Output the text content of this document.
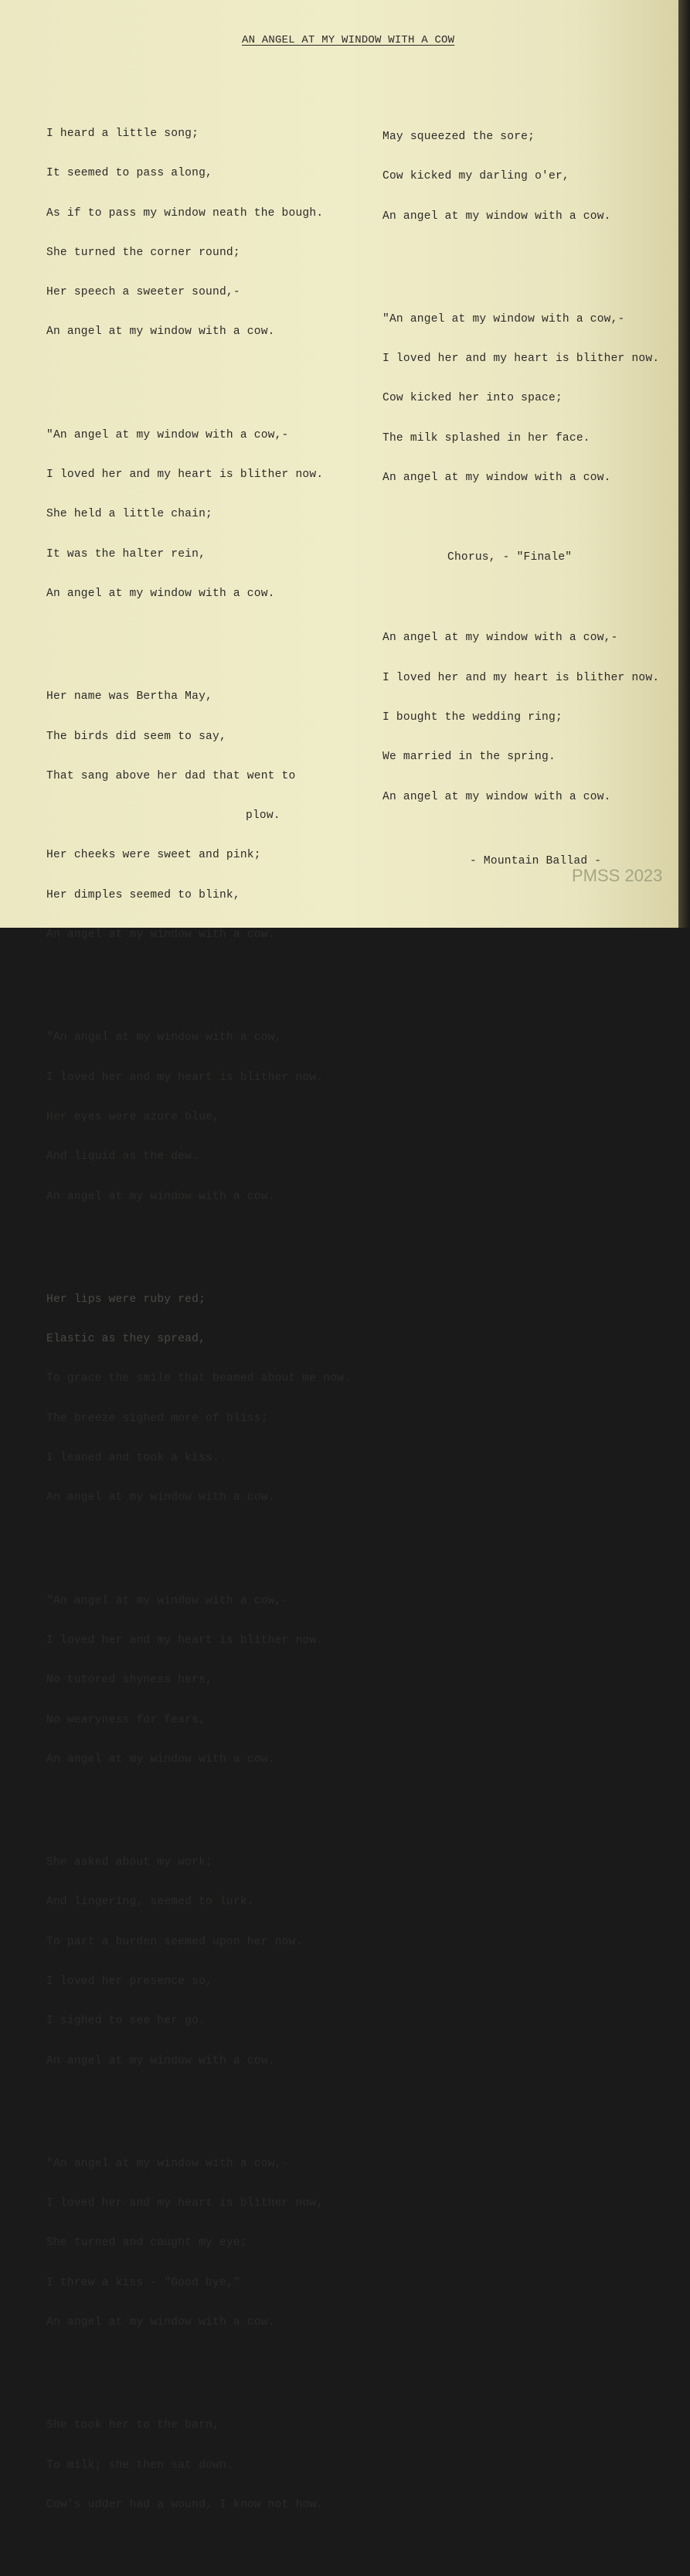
AN ANGEL AT MY WINDOW WITH A COW

I heard a little song;

It seemed to pass along,

As if to pass my window neath the bough.

She turned the corner round;

Her speech a sweeter sound,-

An angel at my window with a cow.

"An angel at my window with a cow,-

I loved her and my heart is blither now.

She held a little chain;

It was the halter rein,

An angel at my window with a cow.

Her name was Bertha May,

The birds did seem to say,

That sang above her dad that went to

plow.

Her cheeks were sweet and pink;

Her dimples seemed to blink,

An angel at my window with a cow.

"An angel at my window with a cow,

I loved her and my heart is blither now.

Her eyes were azure blue,

And liquid as the dew.

An angel at my window with a cow.

Her lips were ruby red;

Elastic as they spread,

To grace the smile that beamed about me now.

The breeze sighed more of bliss;

I leaned and took a kiss.

An angel at my window with a cow.

"An angel at my window with a cow,-

I loved her and my heart is blither now.

No tutored shyness hers,

No wearyness for fears,

An angel at my window with a cow.

She asked about my work;

And lingering, seemed to lurk.

To part a burden seemed upon her now.

I loved her presence so,

I sighed to see her go.

An angel at my window with a cow.

"An angel at my window with a cow,-

I loved her and my heart is blither now,

She turned and caught my eye;

I threw a kiss - "Good bye,"

An angel at my window with a cow.

She took her to the barn,

To milk; she then sat down.

Cow's udder had a wound, I know not how.

May squeezed the sore;

Cow kicked my darling o'er,

An angel at my window with a cow.

"An angel at my window with a cow,-

I loved her and my heart is blither now.

Cow kicked her into space;

The milk splashed in her face.

An angel at my window with a cow.

Chorus, - "Finale"

An angel at my window with a cow,-

I loved her and my heart is blither now.

I bought the wedding ring;

We married in the spring.

An angel at my window with a cow.

- Mountain Ballad -

PMSS 2023
